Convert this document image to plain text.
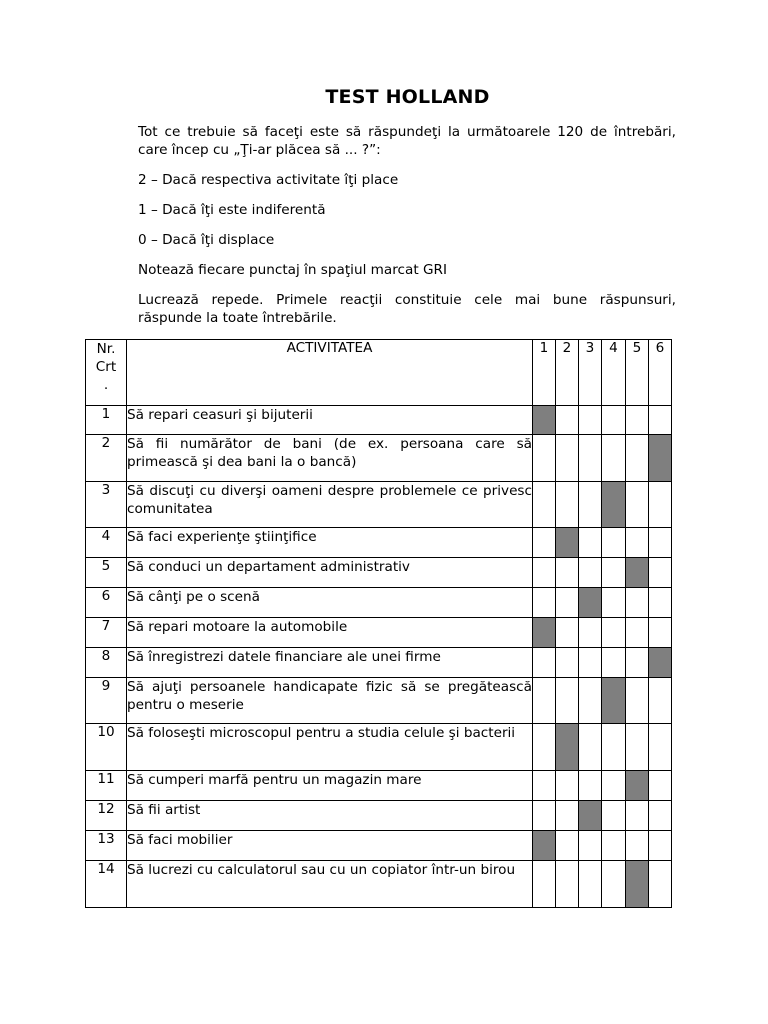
TEST HOLLAND
Tot ce trebuie să faceţi este să răspundeţi la următoarele 120 de întrebări, care încep cu „Ţi-ar plăcea să ... ?”:
2 – Dacă respectiva activitate îţi place
1 – Dacă îţi este indiferentă
0 – Dacă îţi displace
Notează fiecare punctaj în spaţiul marcat GRI
Lucrează repede. Primele reacţii constituie cele mai bune răspunsuri, răspunde la toate întrebările.
Nr.
Crt
.	ACTIVITATEA	1	2	3	4	5	6
1	Să repari ceasuri şi bijuterii						
2	Să fii numărător de bani (de ex. persoana care să primească şi dea bani la o bancă)						
3	Să discuţi cu diverşi oameni despre problemele ce privesc comunitatea						
4	Să faci experienţe ştiinţifice						
5	Să conduci un departament administrativ						
6	Să cânţi pe o scenă						
7	Să repari motoare la automobile						
8	Să înregistrezi datele financiare ale unei firme						
9	Să ajuţi persoanele handicapate fizic să se pregătească pentru o meserie						
10	Să foloseşti microscopul pentru a studia celule şi bacterii						
11	Să cumperi marfă pentru un magazin mare						
12	Să fii artist						
13	Să faci mobilier						
14	Să lucrezi cu calculatorul sau cu un copiator într-un birou						
